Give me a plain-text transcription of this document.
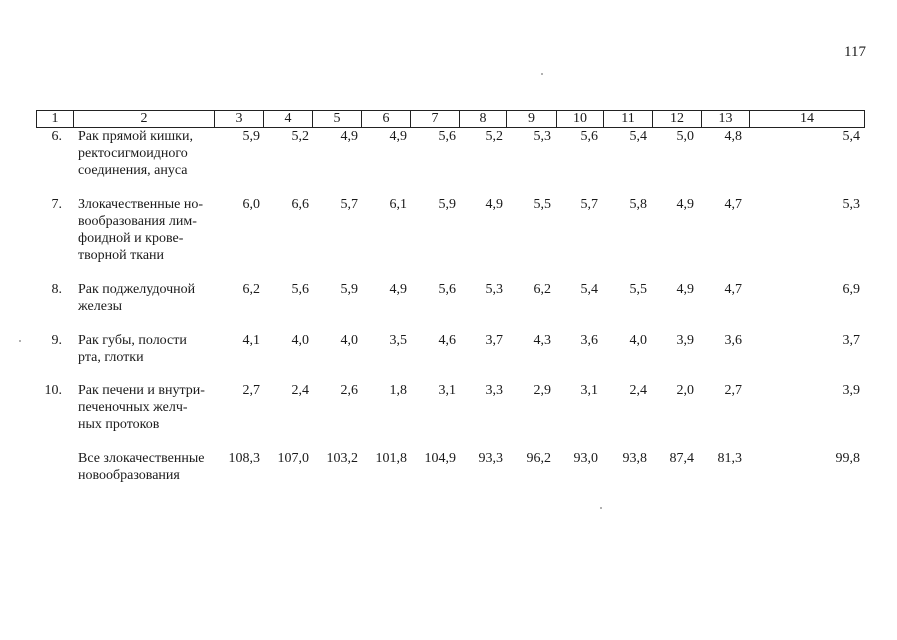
117
1	2	3	4	5	6	7	8	9	10	11	12	13	14
6. Рак прямой кишки,
ректосигмоидного
соединения, ануса
5,9	5,2	4,9	4,9	5,6	5,2	5,3	5,6	5,4	5,0	4,8	5,4
7. Злокачественные но-
вообразования лим-
фоидной и крове-
творной ткани
6,0	6,6	5,7	6,1	5,9	4,9	5,5	5,7	5,8	4,9	4,7	5,3
8. Рак поджелудочной
железы
6,2	5,6	5,9	4,9	5,6	5,3	6,2	5,4	5,5	4,9	4,7	6,9
9. Рак губы, полости
рта, глотки
4,1	4,0	4,0	3,5	4,6	3,7	4,3	3,6	4,0	3,9	3,6	3,7
10. Рак печени и внутри-
печеночных желч-
ных протоков
2,7	2,4	2,6	1,8	3,1	3,3	2,9	3,1	2,4	2,0	2,7	3,9
Все злокачественные
новообразования
108,3	107,0	103,2	101,8	104,9	93,3	96,2	93,0	93,8	87,4	81,3	99,8
